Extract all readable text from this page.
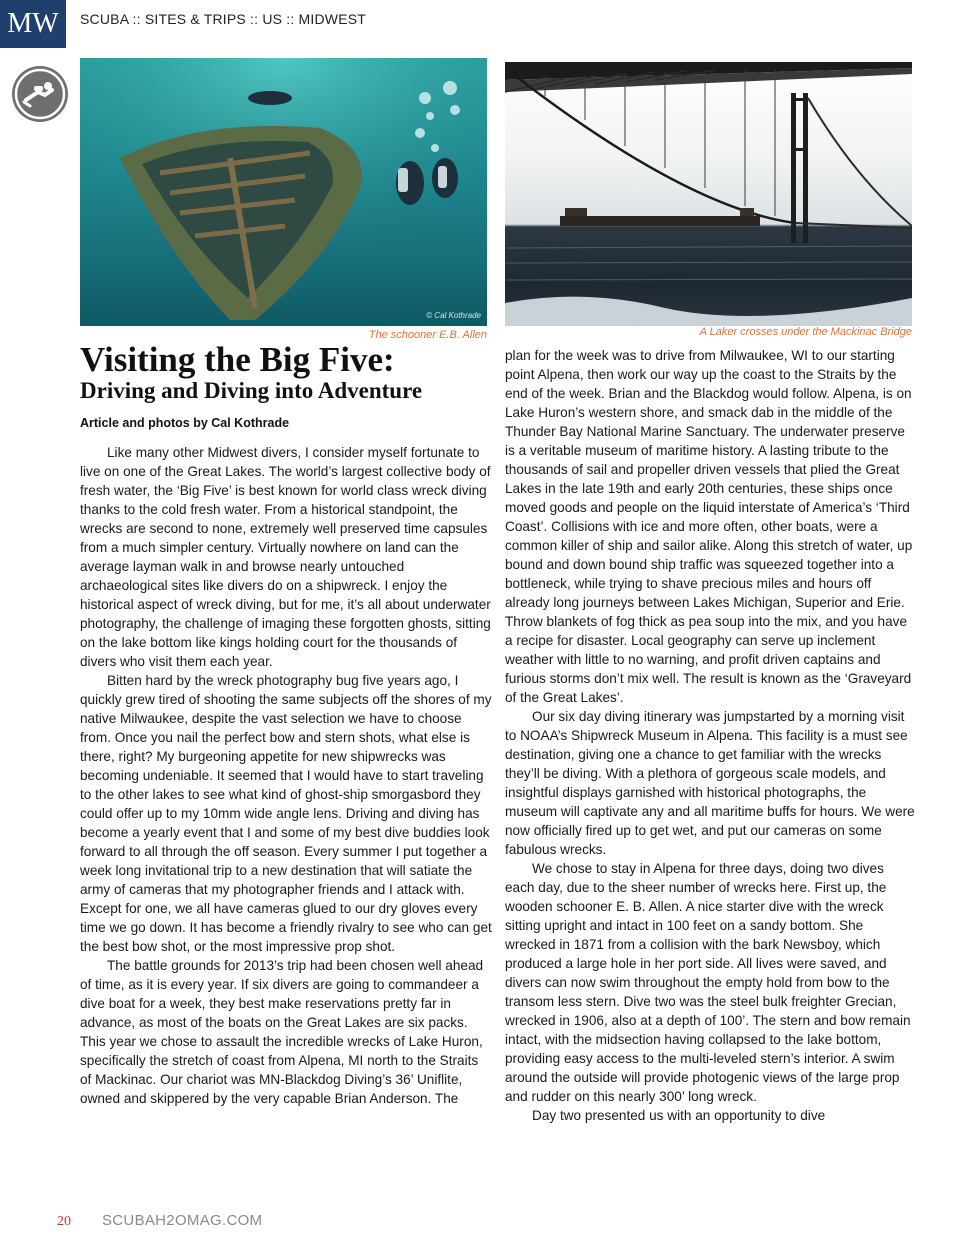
MW	SCUBA :: SITES & TRIPS :: US :: MIDWEST
© Cal Kothrade
The schooner E.B. Allen	A Laker crosses under the Mackinac Bridge
Visiting the Big Five:
Driving and Diving into Adventure
Article and photos by Cal Kothrade

Like many other Midwest divers, I consider myself fortunate to live on one of the Great Lakes. The world’s largest collective body of fresh water, the ‘Big Five’ is best known for world class wreck diving thanks to the cold fresh water. From a historical standpoint, the wrecks are second to none, extremely well preserved time capsules from a much simpler century. Virtually nowhere on land can the average layman walk in and browse nearly untouched archaeological sites like divers do on a shipwreck. I enjoy the historical aspect of wreck diving, but for me, it’s all about underwater photography, the challenge of imaging these forgotten ghosts, sitting on the lake bottom like kings holding court for the thousands of divers who visit them each year.

Bitten hard by the wreck photography bug five years ago, I quickly grew tired of shooting the same subjects off the shores of my native Milwaukee, despite the vast selection we have to choose from. Once you nail the perfect bow and stern shots, what else is there, right? My burgeoning appetite for new shipwrecks was becoming undeniable. It seemed that I would have to start traveling to the other lakes to see what kind of ghost-ship smorgasbord they could offer up to my 10mm wide angle lens. Driving and diving has become a yearly event that I and some of my best dive buddies look forward to all through the off season. Every summer I put together a week long invitational trip to a new destination that will satiate the army of cameras that my photographer friends and I attack with. Except for one, we all have cameras glued to our dry gloves every time we go down. It has become a friendly rivalry to see who can get the best bow shot, or the most impressive prop shot.

The battle grounds for 2013’s trip had been chosen well ahead of time, as it is every year. If six divers are going to commandeer a dive boat for a week, they best make reservations pretty far in advance, as most of the boats on the Great Lakes are six packs. This year we chose to assault the incredible wrecks of Lake Huron, specifically the stretch of coast from Alpena, MI north to the Straits of Mackinac. Our chariot was MN-Blackdog Diving’s 36’ Uniflite, owned and skippered by the very capable Brian Anderson. The

plan for the week was to drive from Milwaukee, WI to our starting point Alpena, then work our way up the coast to the Straits by the end of the week. Brian and the Blackdog would follow. Alpena, is on Lake Huron’s western shore, and smack dab in the middle of the Thunder Bay National Marine Sanctuary. The underwater preserve is a veritable museum of maritime history. A lasting tribute to the thousands of sail and propeller driven vessels that plied the Great Lakes in the late 19th and early 20th centuries, these ships once moved goods and people on the liquid interstate of America’s ‘Third Coast’. Collisions with ice and more often, other boats, were a common killer of ship and sailor alike. Along this stretch of water, up bound and down bound ship traffic was squeezed together into a bottleneck, while trying to shave precious miles and hours off already long journeys between Lakes Michigan, Superior and Erie. Throw blankets of fog thick as pea soup into the mix, and you have a recipe for disaster. Local geography can serve up inclement weather with little to no warning, and profit driven captains and furious storms don’t mix well. The result is known as the ‘Graveyard of the Great Lakes’.

Our six day diving itinerary was jumpstarted by a morning visit to NOAA’s Shipwreck Museum in Alpena. This facility is a must see destination, giving one a chance to get familiar with the wrecks they’ll be diving. With a plethora of gorgeous scale models, and insightful displays garnished with historical photographs, the museum will captivate any and all maritime buffs for hours. We were now officially fired up to get wet, and put our cameras on some fabulous wrecks.

We chose to stay in Alpena for three days, doing two dives each day, due to the sheer number of wrecks here. First up, the wooden schooner E. B. Allen. A nice starter dive with the wreck sitting upright and intact in 100 feet on a sandy bottom. She wrecked in 1871 from a collision with the bark Newsboy, which produced a large hole in her port side. All lives were saved, and divers can now swim throughout the empty hold from bow to the transom less stern. Dive two was the steel bulk freighter Grecian, wrecked in 1906, also at a depth of 100’. The stern and bow remain intact, with the midsection having collapsed to the lake bottom, providing easy access to the multi-leveled stern’s interior. A swim around the outside will provide photogenic views of the large prop and rudder on this nearly 300’ long wreck.

Day two presented us with an opportunity to dive

20 SCUBAH2OMAG.COM
